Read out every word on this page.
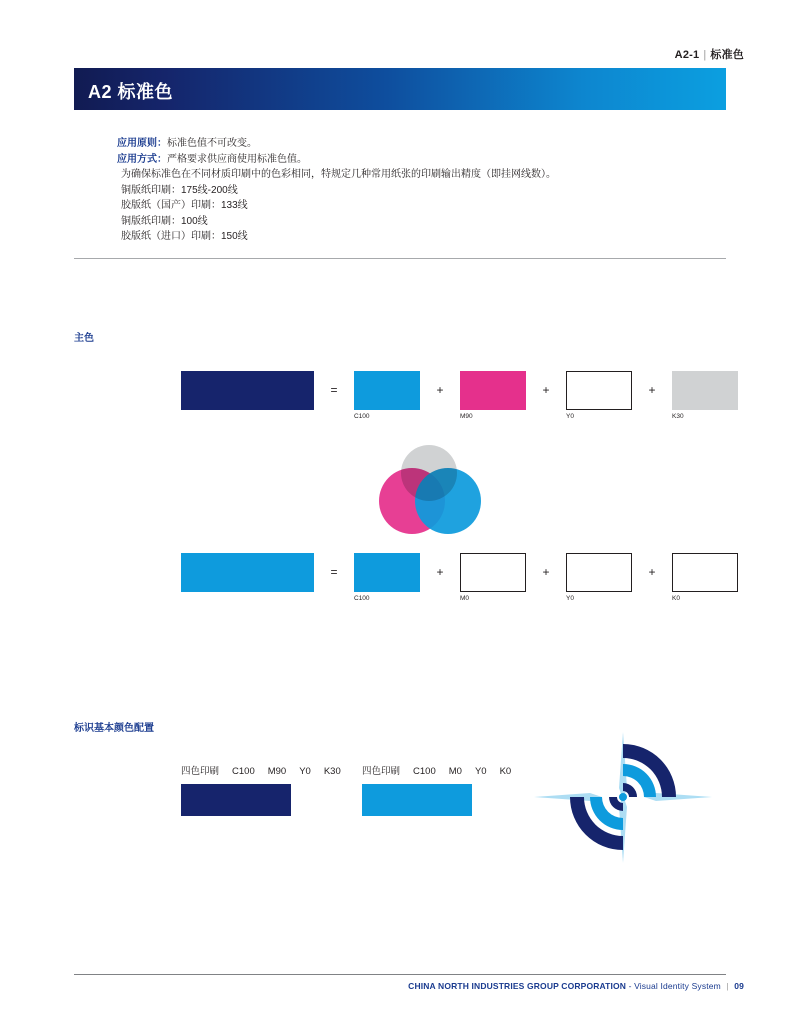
A2-1 | 标准色
A2 标准色
应用原则：标准色值不可改变。
应用方式：严格要求供应商使用标准色值。
为确保标准色在不同材质印刷中的色彩相同，特规定几种常用纸张的印刷输出精度（即挂网线数）。
铜版纸印刷：175线-200线
胶版纸（国产）印刷：133线
铜版纸印刷：100线
胶版纸（进口）印刷：150线
主色
=
C100
+
M90
+
Y0
+
K30
=
C100
+
M0
+
Y0
+
K0
标识基本颜色配置
四色印刷 C100 M90 Y0 K30 四色印刷 C100 M0 Y0 K0
CHINA NORTH INDUSTRIES GROUP CORPORATION - Visual Identity System | 09
